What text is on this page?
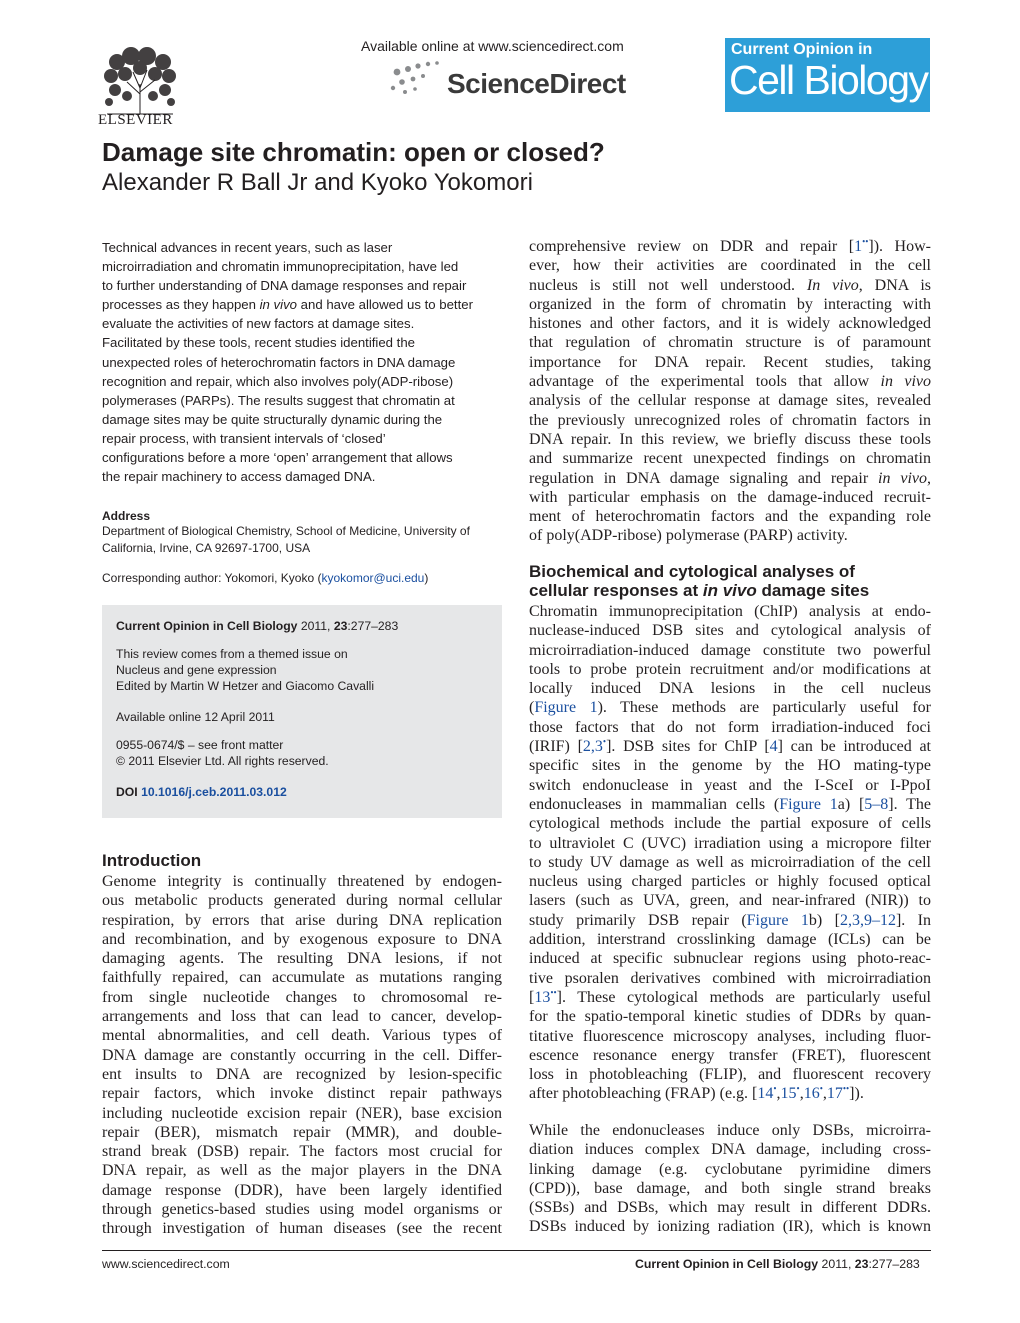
ELSEVIER
Available online at www.sciencedirect.com
ScienceDirect
Current Opinion in
Cell Biology
Damage site chromatin: open or closed?
Alexander R Ball Jr and Kyoko Yokomori
Technical advances in recent years, such as laser
microirradiation and chromatin immunoprecipitation, have led
to further understanding of DNA damage responses and repair
processes as they happen in vivo and have allowed us to better
evaluate the activities of new factors at damage sites.
Facilitated by these tools, recent studies identified the
unexpected roles of heterochromatin factors in DNA damage
recognition and repair, which also involves poly(ADP-ribose)
polymerases (PARPs). The results suggest that chromatin at
damage sites may be quite structurally dynamic during the
repair process, with transient intervals of ‘closed’
configurations before a more ‘open’ arrangement that allows
the repair machinery to access damaged DNA.
Address
Department of Biological Chemistry, School of Medicine, University of
California, Irvine, CA 92697-1700, USA
Corresponding author: Yokomori, Kyoko (kyokomor@uci.edu)
Current Opinion in Cell Biology 2011, 23:277–283
This review comes from a themed issue on
Nucleus and gene expression
Edited by Martin W Hetzer and Giacomo Cavalli
Available online 12 April 2011
0955-0674/$ – see front matter
© 2011 Elsevier Ltd. All rights reserved.
DOI 10.1016/j.ceb.2011.03.012
Introduction
Genome integrity is continually threatened by endogen-
ous metabolic products generated during normal cellular
respiration, by errors that arise during DNA replication
and recombination, and by exogenous exposure to DNA
damaging agents. The resulting DNA lesions, if not
faithfully repaired, can accumulate as mutations ranging
from single nucleotide changes to chromosomal re-
arrangements and loss that can lead to cancer, develop-
mental abnormalities, and cell death. Various types of
DNA damage are constantly occurring in the cell. Differ-
ent insults to DNA are recognized by lesion-specific
repair factors, which invoke distinct repair pathways
including nucleotide excision repair (NER), base excision
repair (BER), mismatch repair (MMR), and double-
strand break (DSB) repair. The factors most crucial for
DNA repair, as well as the major players in the DNA
damage response (DDR), have been largely identified
through genetics-based studies using model organisms or
through investigation of human diseases (see the recent
comprehensive review on DDR and repair [1••]). How-
ever, how their activities are coordinated in the cell
nucleus is still not well understood. In vivo, DNA is
organized in the form of chromatin by interacting with
histones and other factors, and it is widely acknowledged
that regulation of chromatin structure is of paramount
importance for DNA repair. Recent studies, taking
advantage of the experimental tools that allow in vivo
analysis of the cellular response at damage sites, revealed
the previously unrecognized roles of chromatin factors in
DNA repair. In this review, we briefly discuss these tools
and summarize recent unexpected findings on chromatin
regulation in DNA damage signaling and repair in vivo,
with particular emphasis on the damage-induced recruit-
ment of heterochromatin factors and the expanding role
of poly(ADP-ribose) polymerase (PARP) activity.
Biochemical and cytological analyses of
cellular responses at in vivo damage sites
Chromatin immunoprecipitation (ChIP) analysis at endo-
nuclease-induced DSB sites and cytological analysis of
microirradiation-induced damage constitute two powerful
tools to probe protein recruitment and/or modifications at
locally induced DNA lesions in the cell nucleus
(Figure 1). These methods are particularly useful for
those factors that do not form irradiation-induced foci
(IRIF) [2,3•]. DSB sites for ChIP [4] can be introduced at
specific sites in the genome by the HO mating-type
switch endonuclease in yeast and the I-SceI or I-PpoI
endonucleases in mammalian cells (Figure 1a) [5–8]. The
cytological methods include the partial exposure of cells
to ultraviolet C (UVC) irradiation using a micropore filter
to study UV damage as well as microirradiation of the cell
nucleus using charged particles or highly focused optical
lasers (such as UVA, green, and near-infrared (NIR)) to
study primarily DSB repair (Figure 1b) [2,3,9–12]. In
addition, interstrand crosslinking damage (ICLs) can be
induced at specific subnuclear regions using photo-reac-
tive psoralen derivatives combined with microirradiation
[13••]. These cytological methods are particularly useful
for the spatio-temporal kinetic studies of DDRs by quan-
titative fluorescence microscopy analyses, including fluor-
escence resonance energy transfer (FRET), fluorescent
loss in photobleaching (FLIP), and fluorescent recovery
after photobleaching (FRAP) (e.g. [14•,15•,16•,17••]).
While the endonucleases induce only DSBs, microirra-
diation induces complex DNA damage, including cross-
linking damage (e.g. cyclobutane pyrimidine dimers
(CPD)), base damage, and both single strand breaks
(SSBs) and DSBs, which may result in different DDRs.
DSBs induced by ionizing radiation (IR), which is known
www.sciencedirect.com	Current Opinion in Cell Biology 2011, 23:277–283
